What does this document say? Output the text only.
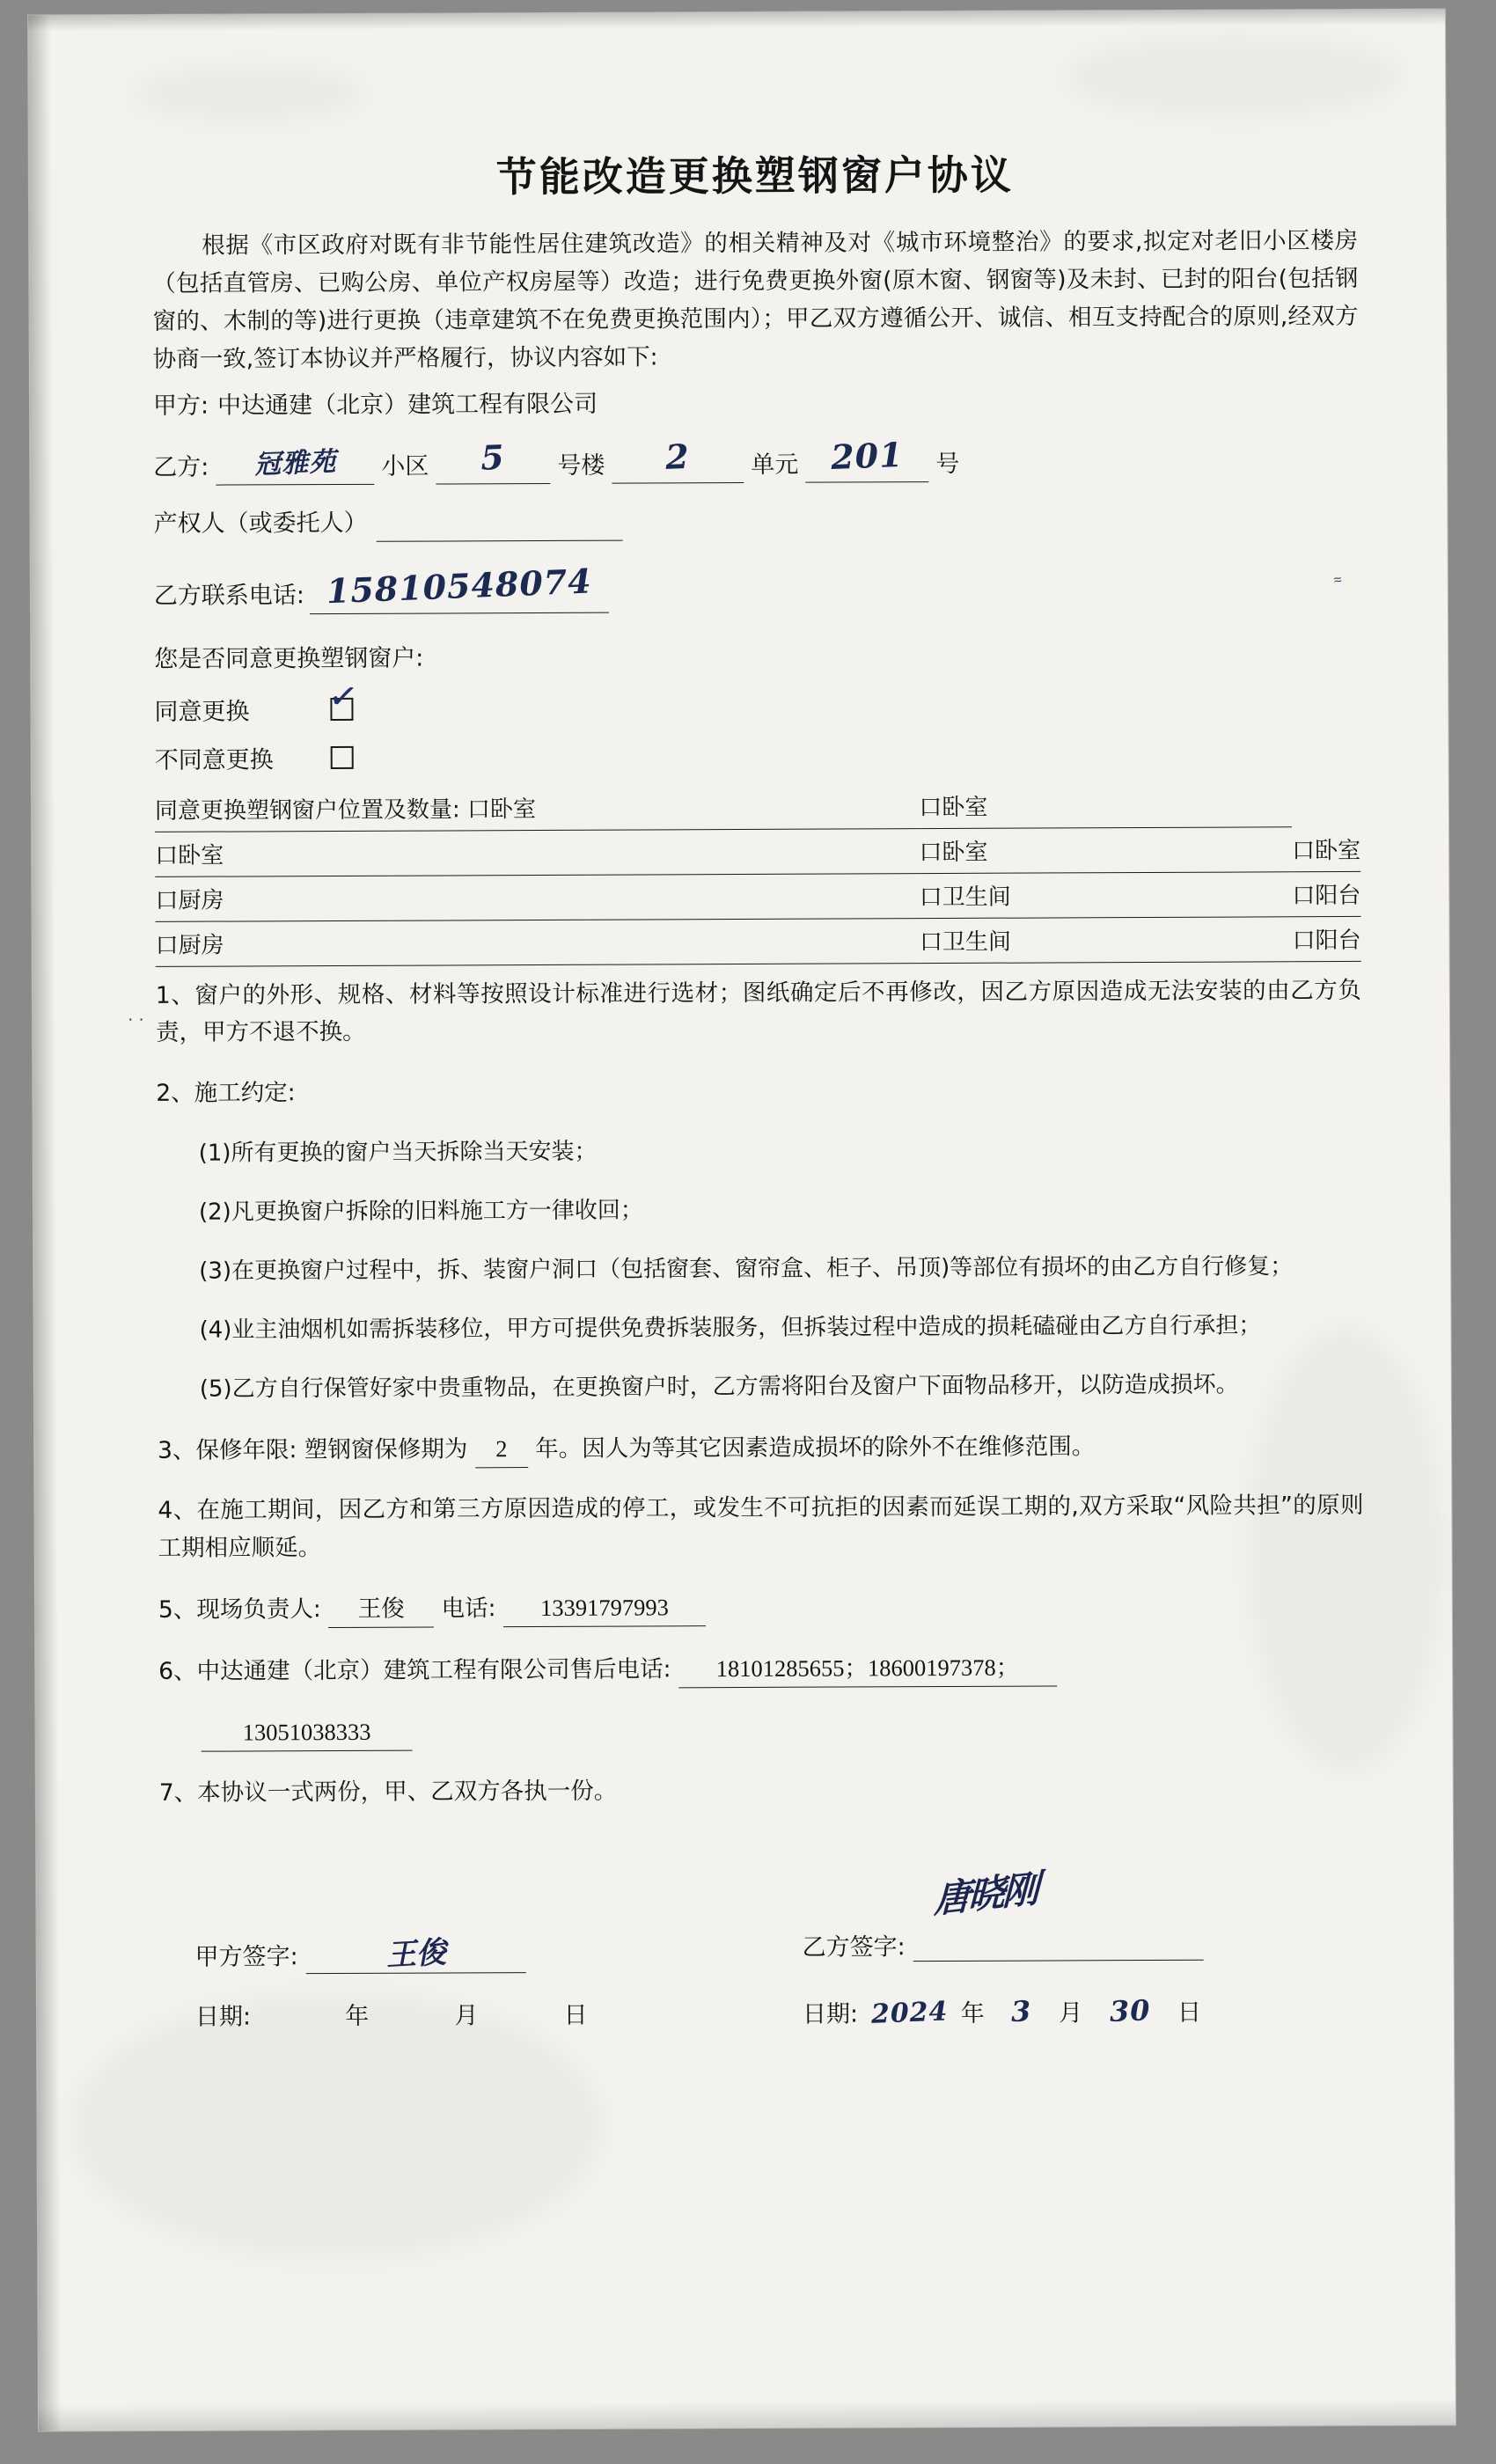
≈
· ·
节能改造更换塑钢窗户协议

根据《市区政府对既有非节能性居住建筑改造》的相关精神及对《城市环境整治》的要求,拟定对老旧小区楼房（包括直管房、已购公房、单位产权房屋等）改造；进行免费更换外窗(原木窗、钢窗等)及未封、已封的阳台(包括钢窗的、木制的等)进行更换（违章建筑不在免费更换范围内）；甲乙双方遵循公开、诚信、相互支持配合的原则,经双方协商一致,签订本协议并严格履行，协议内容如下:

甲方: 中达通建（北京）建筑工程有限公司
乙方:	冠雅苑	小区	5	号楼	2	单元 201	号
产权人（或委托人）
乙方联系电话: 15810548074
您是否同意更换塑钢窗户:
同意更换	✓
不同意更换
同意更换塑钢窗户位置及数量: 口卧室	口卧室	
口卧室	口卧室	口卧室
口厨房	口卫生间	口阳台
口厨房	口卫生间	口阳台

1、窗户的外形、规格、材料等按照设计标准进行选材；图纸确定后不再修改，因乙方原因造成无法安装的由乙方负责，甲方不退不换。

2、施工约定:

(1)所有更换的窗户当天拆除当天安装；

(2)凡更换窗户拆除的旧料施工方一律收回；

(3)在更换窗户过程中，拆、装窗户洞口（包括窗套、窗帘盒、柜子、吊顶)等部位有损坏的由乙方自行修复；

(4)业主油烟机如需拆装移位，甲方可提供免费拆装服务，但拆装过程中造成的损耗磕碰由乙方自行承担；

(5)乙方自行保管好家中贵重物品，在更换窗户时，乙方需将阳台及窗户下面物品移开，以防造成损坏。

3、保修年限: 塑钢窗保修期为 2 年。因人为等其它因素造成损坏的除外不在维修范围。

4、在施工期间，因乙方和第三方原因造成的停工，或发生不可抗拒的因素而延误工期的,双方采取“风险共担”的原则工期相应顺延。

5、现场负责人: 王俊 电话: 13391797993

6、中达通建（北京）建筑工程有限公司售后电话: 18101285655；18600197378；

13051038333

7、本协议一式两份，甲、乙双方各执一份。

唐晓刚
甲方签字:	王俊	乙方签字:
日期:	年	月	日	日期: 2024 年 3 月 30 日
